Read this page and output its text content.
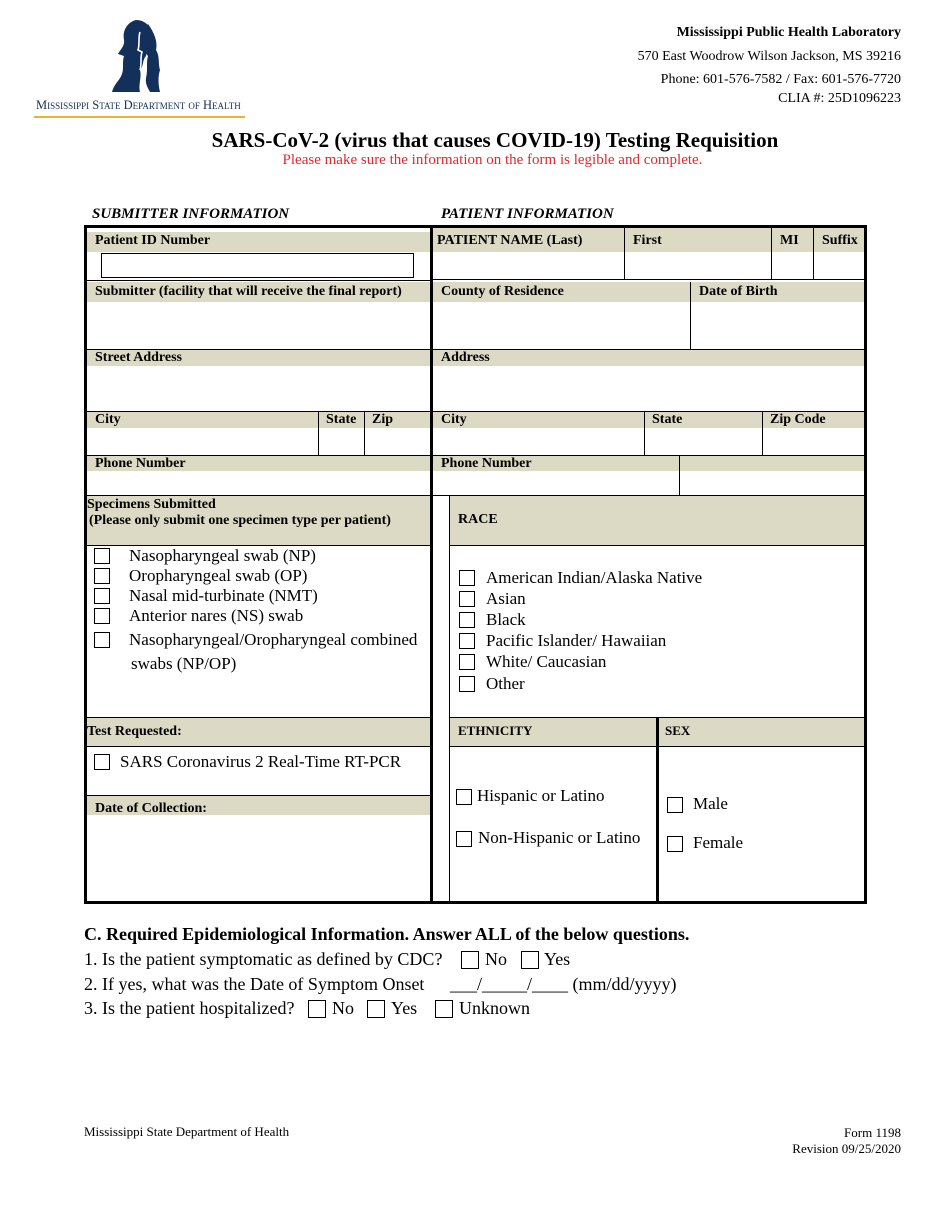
Mississippi State Department of Health
Mississippi Public Health Laboratory
570 East Woodrow Wilson Jackson, MS 39216
Phone: 601-576-7582 / Fax: 601-576-7720
CLIA #: 25D1096223
SARS-CoV-2 (virus that causes COVID-19) Testing Requisition
Please make sure the information on the form is legible and complete.
SUBMITTER INFORMATION	PATIENT INFORMATION
Patient ID Number
Submitter (facility that will receive the final report)
Street Address
City	State	Zip
Phone Number
Specimens Submitted
(Please only submit one specimen type per patient)
Nasopharyngeal swab (NP)
Oropharyngeal swab (OP)
Nasal mid-turbinate (NMT)
Anterior nares (NS) swab
Nasopharyngeal/Oropharyngeal combined
swabs (NP/OP)
Test Requested:
SARS Coronavirus 2 Real-Time RT-PCR
Date of Collection:
PATIENT NAME (Last)	First	MI	Suffix
County of Residence	Date of Birth
Address
City	State	Zip Code
Phone Number
RACE
American Indian/Alaska Native
Asian
Black
Pacific Islander/ Hawaiian
White/ Caucasian
Other
ETHNICITY	SEX
Hispanic or Latino
Non-Hispanic or Latino
Male
Female
C. Required Epidemiological Information. Answer ALL of the below questions.
1. Is the patient symptomatic as defined by CDC? No Yes
2. If yes, what was the Date of Symptom Onset ___/_____/____ (mm/dd/yyyy)
3. Is the patient hospitalized? No Yes Unknown
Mississippi State Department of Health	Form 1198
Revision 09/25/2020
